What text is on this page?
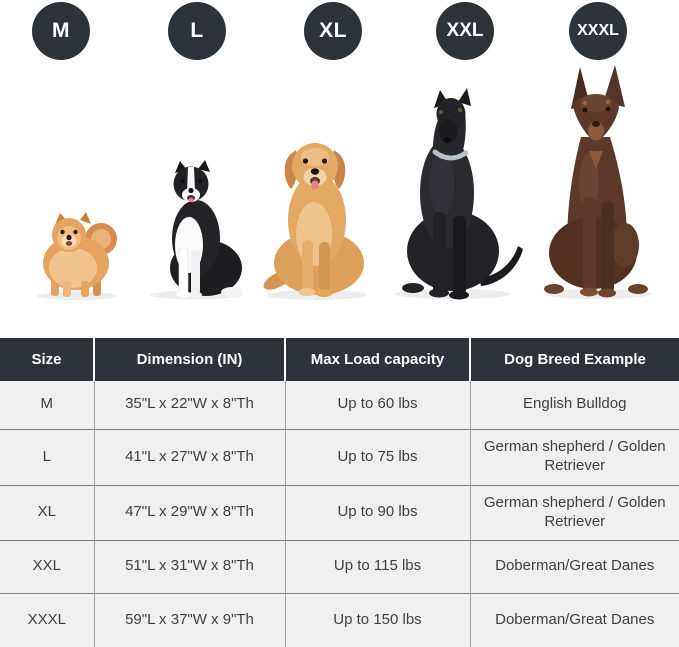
M	L	XL	XXL	XXXL
Size	Dimension (IN)	Max Load capacity	Dog Breed Example
M	35"L x 22"W x 8"Th	Up to 60 lbs	English Bulldog
L	41"L x 27"W x 8"Th	Up to 75 lbs	German shepherd / Golden Retriever
XL	47"L x 29"W x 8"Th	Up to 90 lbs	German shepherd / Golden Retriever
XXL	51"L x 31"W x 8"Th	Up to 115 lbs	Doberman/Great Danes
XXXL	59"L x 37"W x 9"Th	Up to 150 lbs	Doberman/Great Danes
